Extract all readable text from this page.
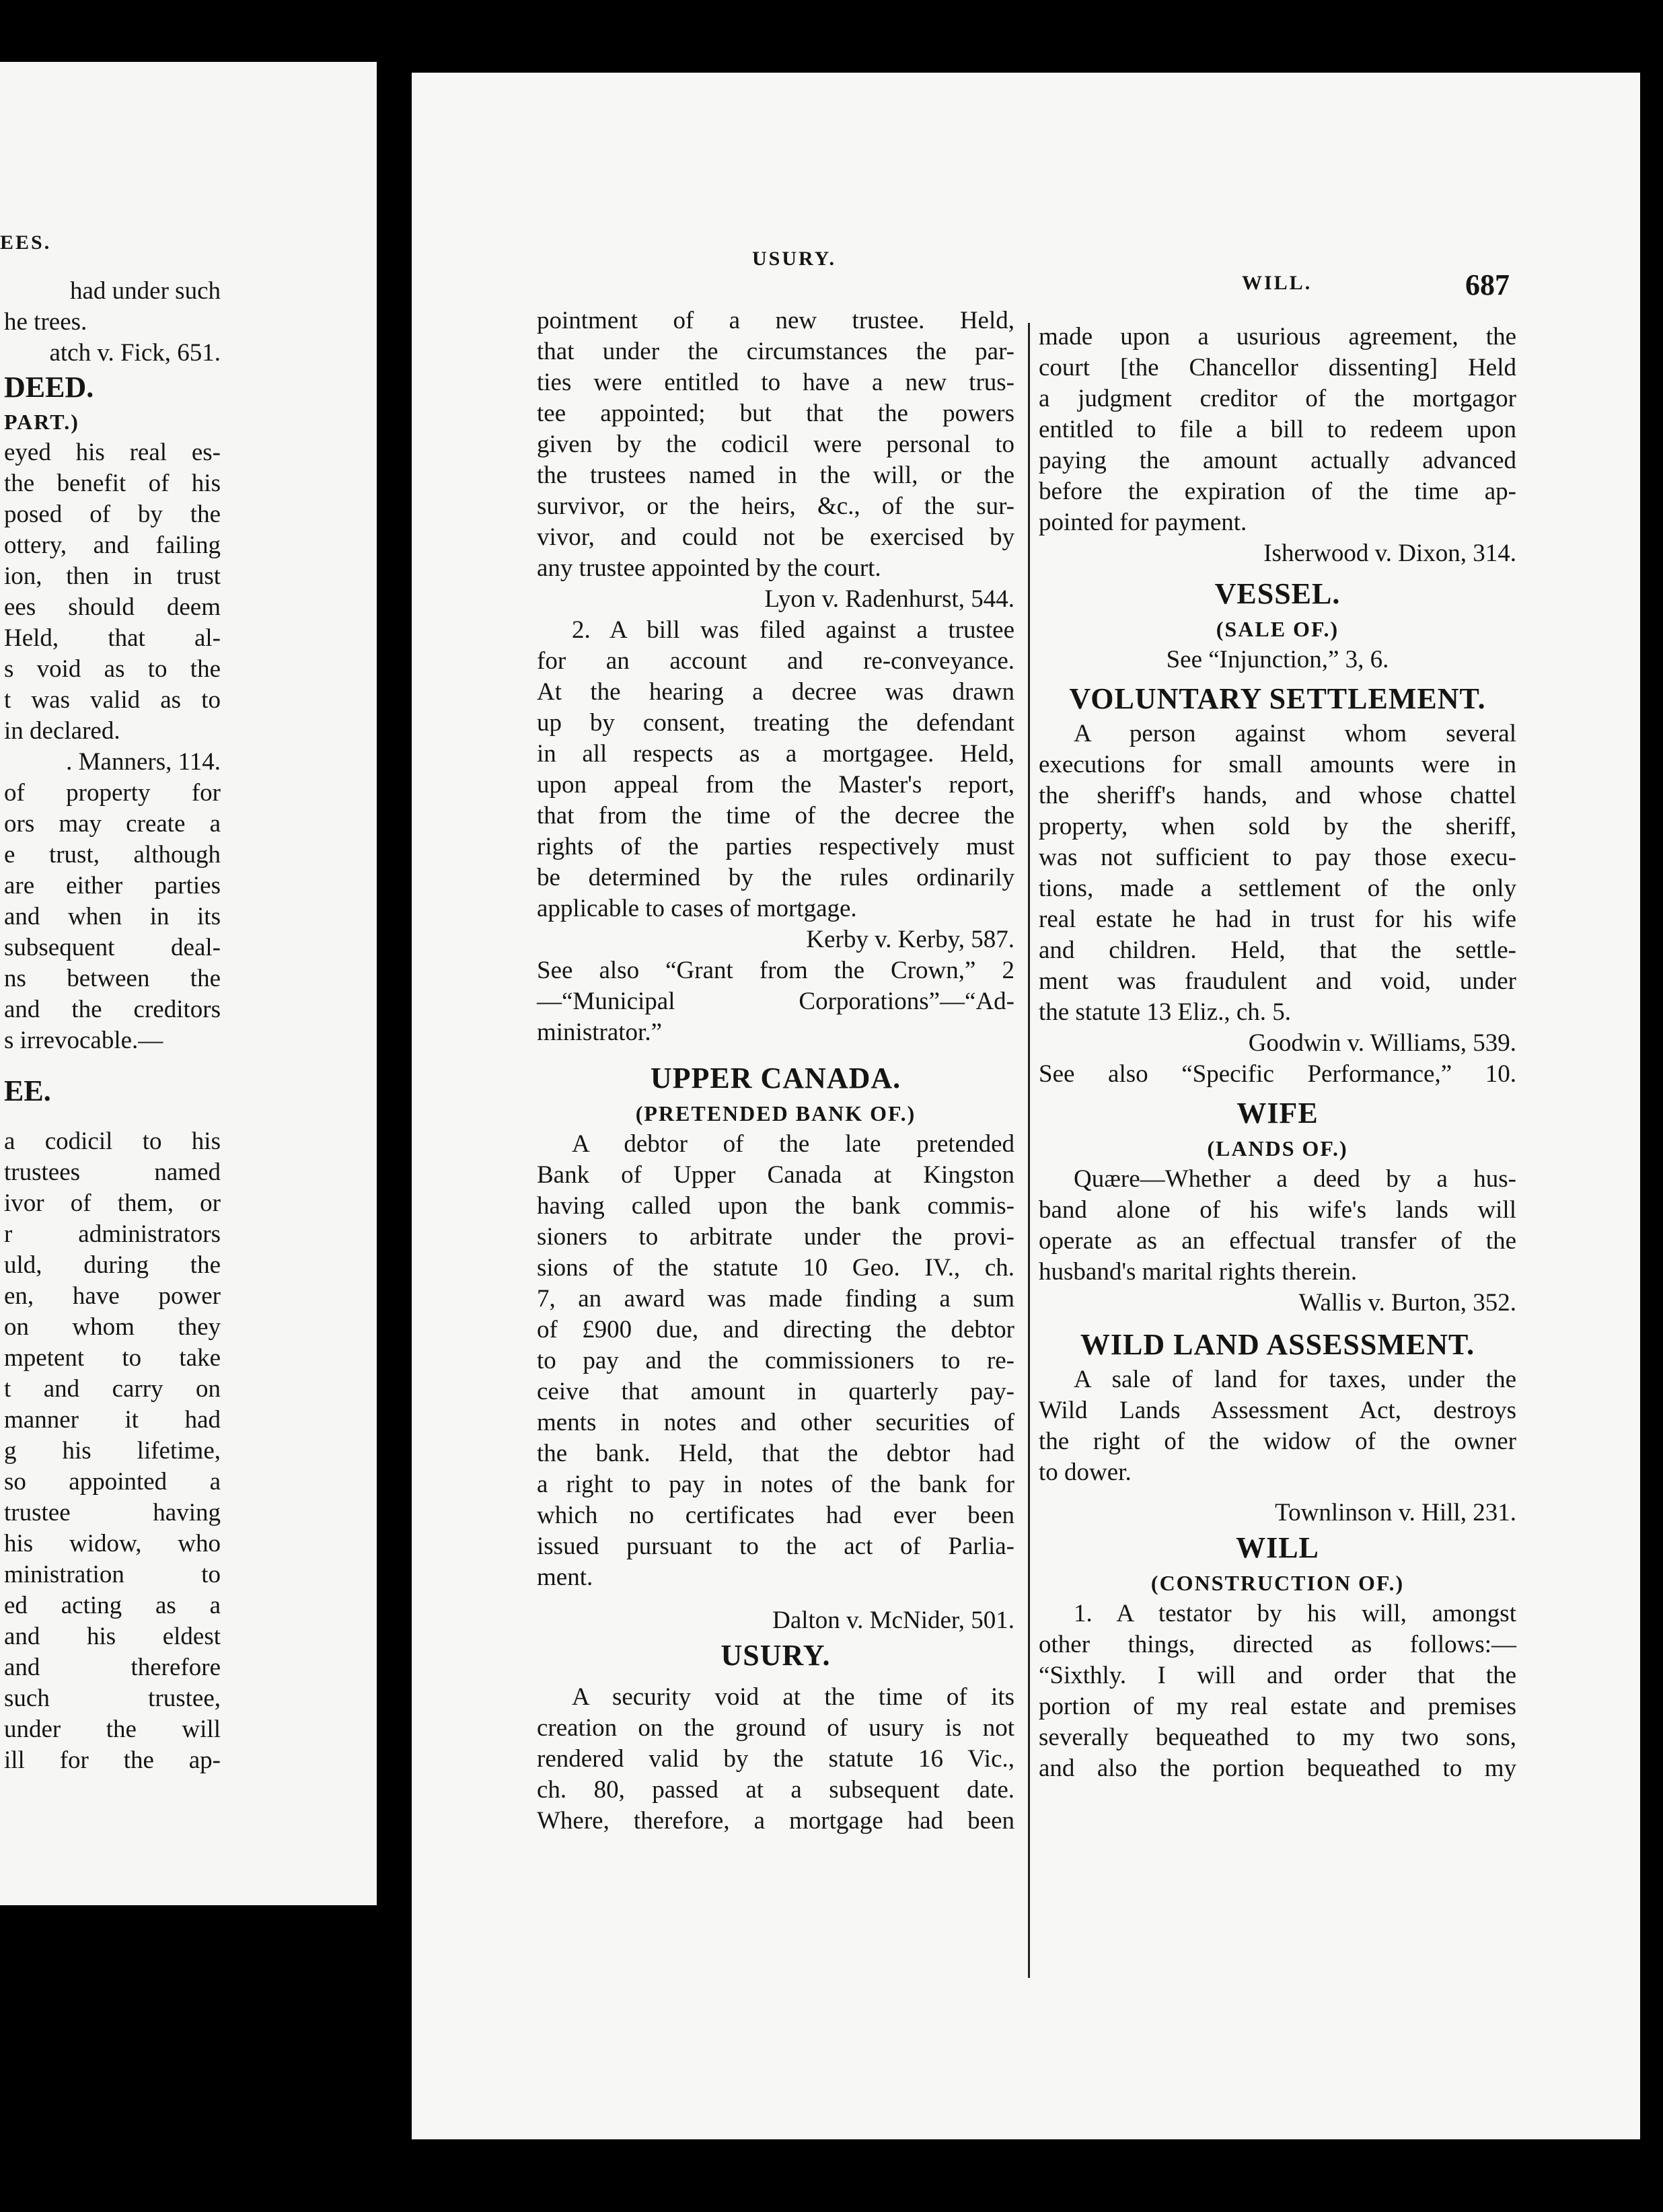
EES.
had under such
he trees.
atch v. Fick, 651.
DEED.
PART.)
eyed his real es-
the benefit of his
posed of by the
ottery, and failing
ion, then in trust
ees should deem
Held, that al-
s void as to the
t was valid as to
in declared.
. Manners, 114.
of property for
ors may create a
e trust, although
are either parties
and when in its
subsequent deal-
ns between the
and the creditors
s irrevocable.—
EE.
a codicil to his
trustees named
ivor of them, or
r administrators
uld, during the
en, have power
on whom they
mpetent to take
t and carry on
manner it had
g his lifetime,
so appointed a
trustee having
his widow, who
ministration to
ed acting as a
and his eldest
and therefore
such trustee,
under the will
ill for the ap-
USURY.
WILL.	687
pointment of a new trustee. Held,
that under the circumstances the par-
ties were entitled to have a new trus-
tee appointed; but that the powers
given by the codicil were personal to
the trustees named in the will, or the
survivor, or the heirs, &c., of the sur-
vivor, and could not be exercised by
any trustee appointed by the court.
Lyon v. Radenhurst, 544.
2. A bill was filed against a trustee
for an account and re-conveyance.
At the hearing a decree was drawn
up by consent, treating the defendant
in all respects as a mortgagee. Held,
upon appeal from the Master's report,
that from the time of the decree the
rights of the parties respectively must
be determined by the rules ordinarily
applicable to cases of mortgage.
Kerby v. Kerby, 587.
See also “Grant from the Crown,” 2
—“Municipal Corporations”—“Ad-
ministrator.”
UPPER CANADA.
(PRETENDED BANK OF.)
A debtor of the late pretended
Bank of Upper Canada at Kingston
having called upon the bank commis-
sioners to arbitrate under the provi-
sions of the statute 10 Geo. IV., ch.
7, an award was made finding a sum
of £900 due, and directing the debtor
to pay and the commissioners to re-
ceive that amount in quarterly pay-
ments in notes and other securities of
the bank. Held, that the debtor had
a right to pay in notes of the bank for
which no certificates had ever been
issued pursuant to the act of Parlia-
ment.
Dalton v. McNider, 501.
USURY.
A security void at the time of its
creation on the ground of usury is not
rendered valid by the statute 16 Vic.,
ch. 80, passed at a subsequent date.
Where, therefore, a mortgage had been
made upon a usurious agreement, the
court [the Chancellor dissenting] Held
a judgment creditor of the mortgagor
entitled to file a bill to redeem upon
paying the amount actually advanced
before the expiration of the time ap-
pointed for payment.
Isherwood v. Dixon, 314.
VESSEL.
(SALE OF.)
See “Injunction,” 3, 6.
VOLUNTARY SETTLEMENT.
A person against whom several
executions for small amounts were in
the sheriff's hands, and whose chattel
property, when sold by the sheriff,
was not sufficient to pay those execu-
tions, made a settlement of the only
real estate he had in trust for his wife
and children. Held, that the settle-
ment was fraudulent and void, under
the statute 13 Eliz., ch. 5.
Goodwin v. Williams, 539.
See also “Specific Performance,” 10.
WIFE
(LANDS OF.)
Quære—Whether a deed by a hus-
band alone of his wife's lands will
operate as an effectual transfer of the
husband's marital rights therein.
Wallis v. Burton, 352.
WILD LAND ASSESSMENT.
A sale of land for taxes, under the
Wild Lands Assessment Act, destroys
the right of the widow of the owner
to dower.
Townlinson v. Hill, 231.
WILL
(CONSTRUCTION OF.)
1. A testator by his will, amongst
other things, directed as follows:—
“Sixthly. I will and order that the
portion of my real estate and premises
severally bequeathed to my two sons,
and also the portion bequeathed to my
